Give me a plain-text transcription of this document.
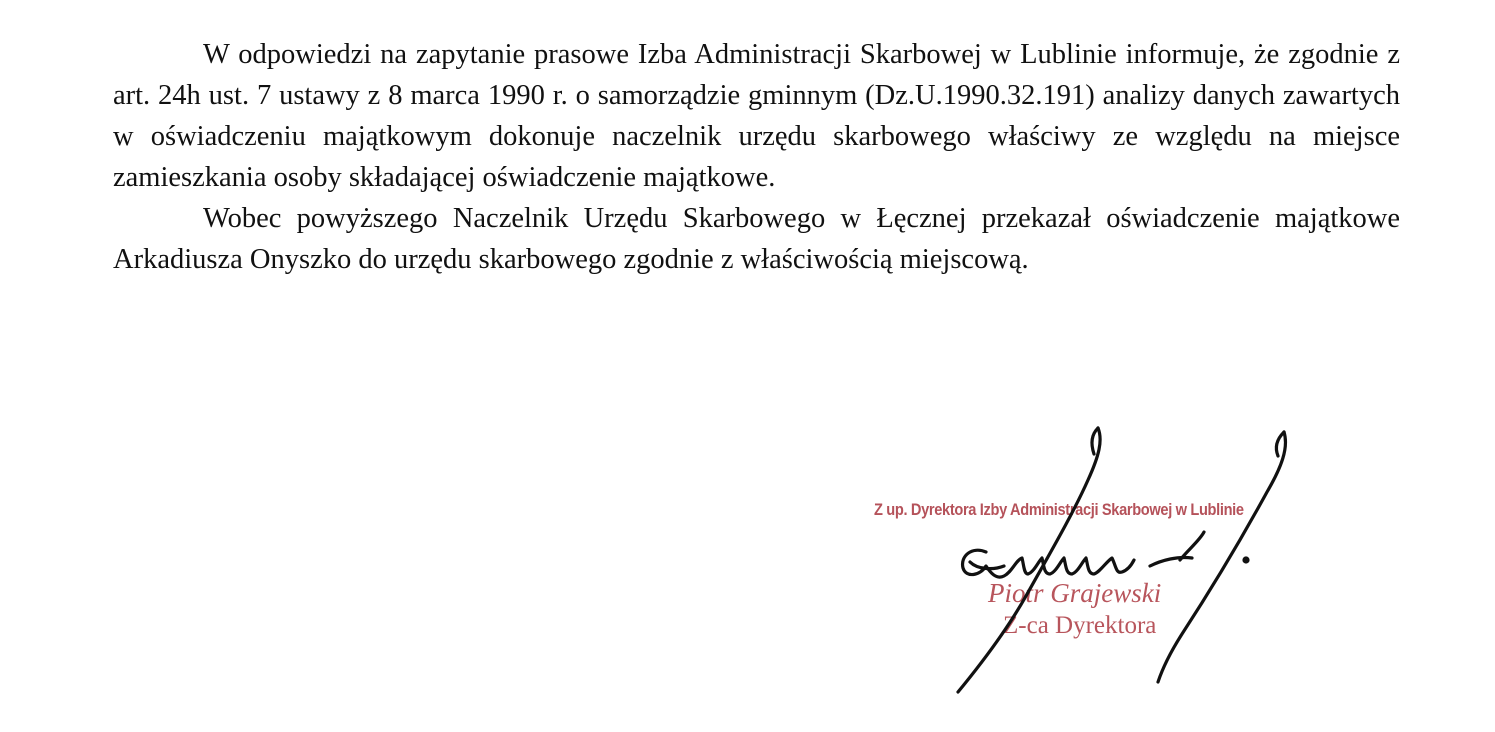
W odpowiedzi na zapytanie prasowe Izba Administracji Skarbowej w Lublinie informuje, że zgodnie z art. 24h ust. 7 ustawy z 8 marca 1990 r. o samorządzie gminnym (Dz.U.1990.32.191) analizy danych zawartych w oświadczeniu majątkowym dokonuje naczelnik urzędu skarbowego właściwy ze względu na miejsce zamieszkania osoby składającej oświadczenie majątkowe.

Wobec powyższego Naczelnik Urzędu Skarbowego w Łęcznej przekazał oświadczenie majątkowe Arkadiusza Onyszko do urzędu skarbowego zgodnie z właściwością miejscową.

Z up. Dyrektora Izby Administracji Skarbowej w Lublinie
Piotr Grajewski
Z-ca Dyrektora
